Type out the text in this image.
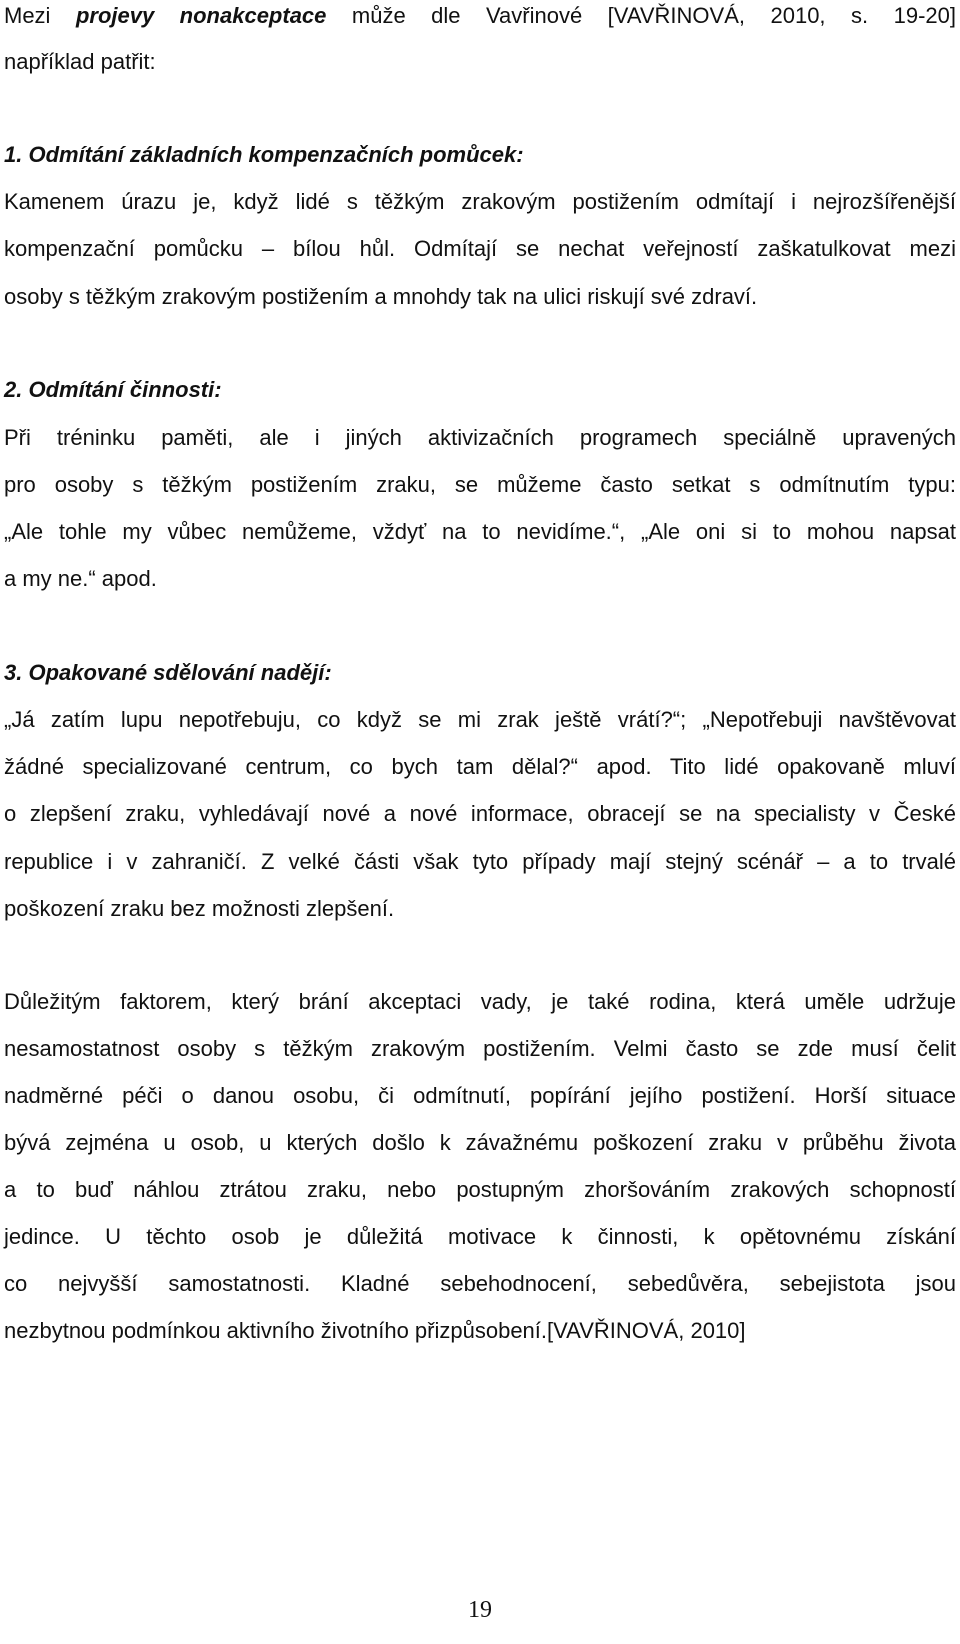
Mezi projevy nonakceptace může dle Vavřinové [VAVŘINOVÁ, 2010, s. 19-20]
například patřit:
1. Odmítání základních kompenzačních pomůcek:
Kamenem úrazu je, když lidé s těžkým zrakovým postižením odmítají i nejrozšířenější
kompenzační pomůcku – bílou hůl. Odmítají se nechat veřejností zaškatulkovat mezi
osoby s těžkým zrakovým postižením a mnohdy tak na ulici riskují své zdraví.
2. Odmítání činnosti:
Při tréninku paměti, ale i jiných aktivizačních programech speciálně upravených
pro osoby s těžkým postižením zraku, se můžeme často setkat s odmítnutím typu:
„Ale tohle my vůbec nemůžeme, vždyť na to nevidíme.“, „Ale oni si to mohou napsat
a my ne.“ apod.
3. Opakované sdělování nadějí:
„Já zatím lupu nepotřebuju, co když se mi zrak ještě vrátí?“; „Nepotřebuji navštěvovat
žádné specializované centrum, co bych tam dělal?“ apod. Tito lidé opakovaně mluví
o zlepšení zraku, vyhledávají nové a nové informace, obracejí se na specialisty v České
republice i v zahraničí. Z velké části však tyto případy mají stejný scénář – a to trvalé
poškození zraku bez možnosti zlepšení.
Důležitým faktorem, který brání akceptaci vady, je také rodina, která uměle udržuje
nesamostatnost osoby s těžkým zrakovým postižením. Velmi často se zde musí čelit
nadměrné péči o danou osobu, či odmítnutí, popírání jejího postižení. Horší situace
bývá zejména u osob, u kterých došlo k závažnému poškození zraku v průběhu života
a to buď náhlou ztrátou zraku, nebo postupným zhoršováním zrakových schopností
jedince. U těchto osob je důležitá motivace k činnosti, k opětovnému získání
co nejvyšší samostatnosti. Kladné sebehodnocení, sebedůvěra, sebejistota jsou
nezbytnou podmínkou aktivního životního přizpůsobení.[VAVŘINOVÁ, 2010]
19
